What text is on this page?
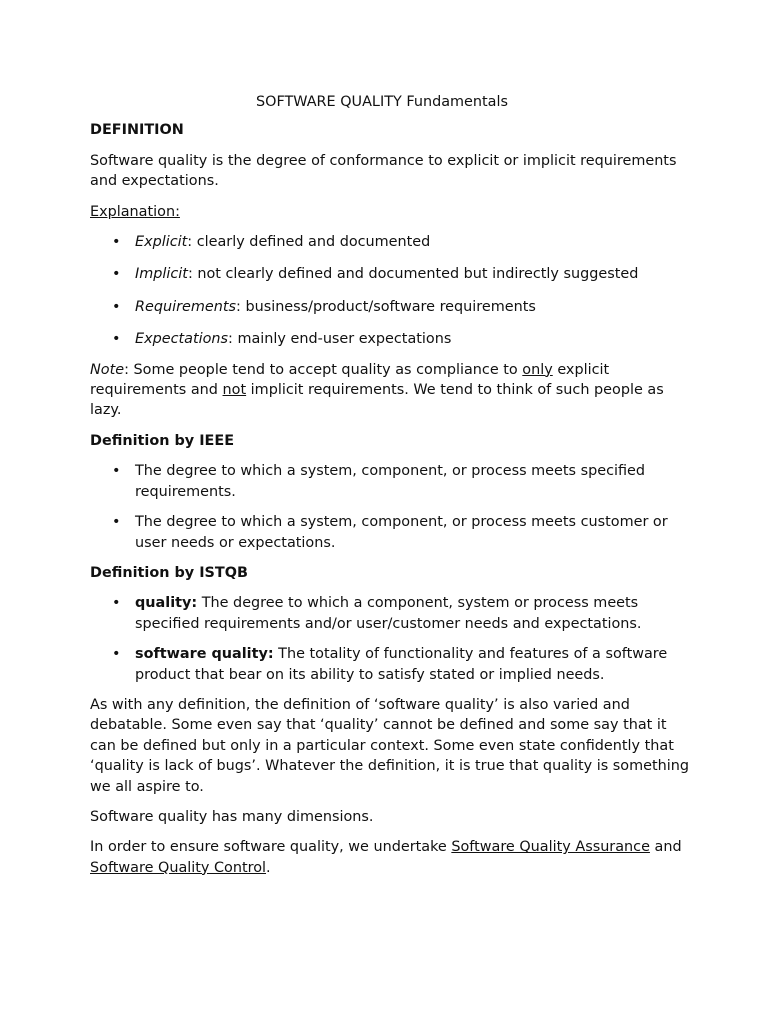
SOFTWARE QUALITY Fundamentals
DEFINITION

Software quality is the degree of conformance to explicit or implicit requirements and expectations.

Explanation:

• Explicit: clearly defined and documented
• Implicit: not clearly defined and documented but indirectly suggested
• Requirements: business/product/software requirements
• Expectations: mainly end-user expectations

Note: Some people tend to accept quality as compliance to only explicit requirements and not implicit requirements. We tend to think of such people as lazy.

Definition by IEEE
• The degree to which a system, component, or process meets specified requirements.
• The degree to which a system, component, or process meets customer or user needs or expectations.
Definition by ISTQB
• quality: The degree to which a component, system or process meets specified requirements and/or user/customer needs and expectations.
• software quality: The totality of functionality and features of a software product that bear on its ability to satisfy stated or implied needs.

As with any definition, the definition of ‘software quality’ is also varied and debatable. Some even say that ‘quality’ cannot be defined and some say that it can be defined but only in a particular context. Some even state confidently that ‘quality is lack of bugs’. Whatever the definition, it is true that quality is something we all aspire to.

Software quality has many dimensions.

In order to ensure software quality, we undertake Software Quality Assurance and Software Quality Control.
